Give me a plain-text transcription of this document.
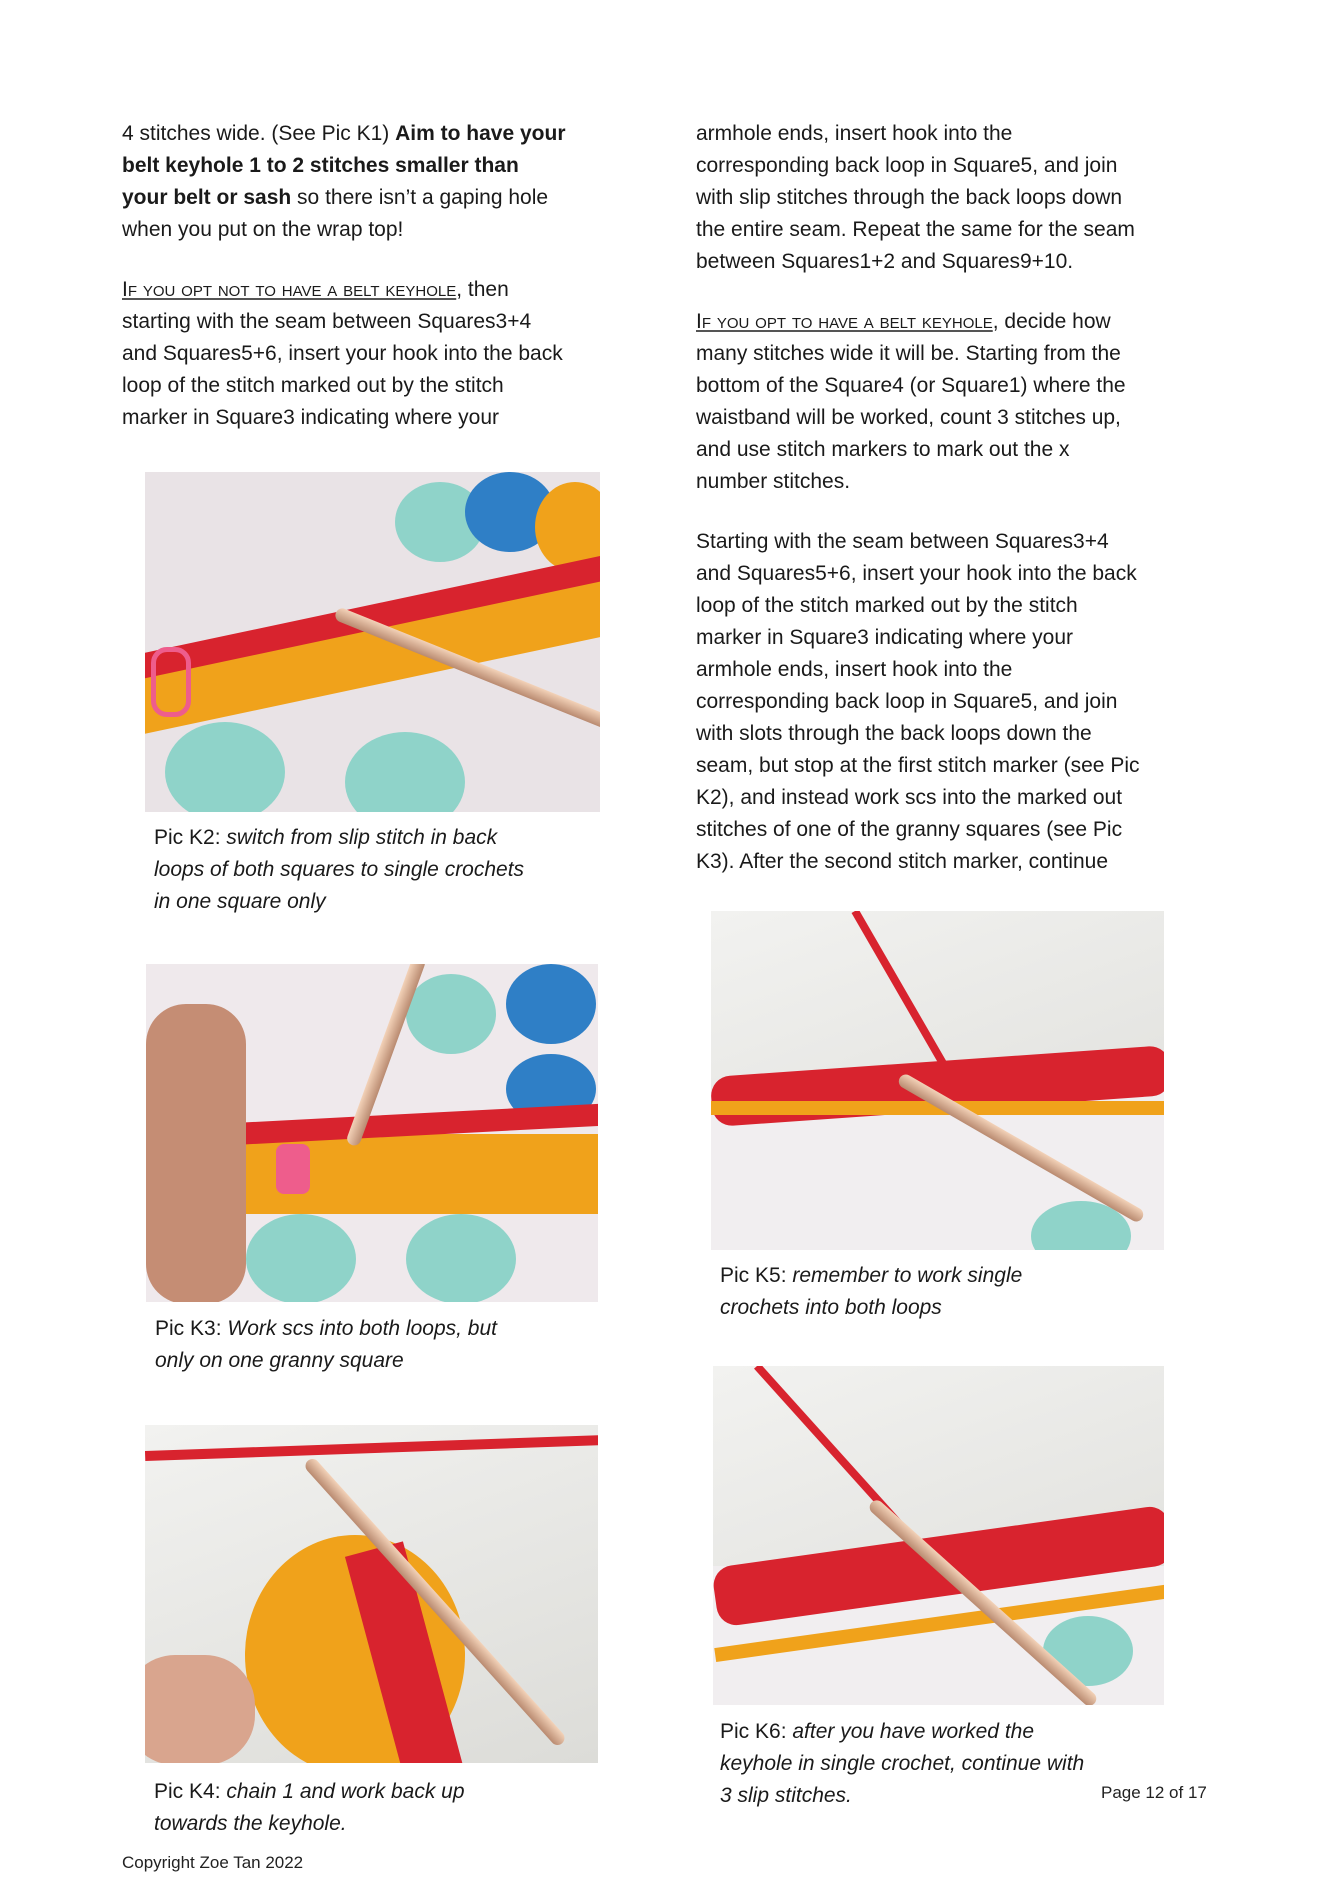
4 stitches wide. (See Pic K1) Aim to have your
belt keyhole 1 to 2 stitches smaller than
your belt or sash so there isn’t a gaping hole
when you put on the wrap top!
If you opt not to have a belt keyhole, then
starting with the seam between Squares3+4
and Squares5+6, insert your hook into the back
loop of the stitch marked out by the stitch
marker in Square3 indicating where your
armhole ends, insert hook into the
corresponding back loop in Square5, and join
with slip stitches through the back loops down
the entire seam. Repeat the same for the seam
between Squares1+2 and Squares9+10.
If you opt to have a belt keyhole, decide how
many stitches wide it will be. Starting from the
bottom of the Square4 (or Square1) where the
waistband will be worked, count 3 stitches up,
and use stitch markers to mark out the x
number stitches.
Starting with the seam between Squares3+4
and Squares5+6, insert your hook into the back
loop of the stitch marked out by the stitch
marker in Square3 indicating where your
armhole ends, insert hook into the
corresponding back loop in Square5, and join
with slots through the back loops down the
seam, but stop at the first stitch marker (see Pic
K2), and instead work scs into the marked out
stitches of one of the granny squares (see Pic
K3). After the second stitch marker, continue
Pic K2: switch from slip stitch in back
loops of both squares to single crochets
in one square only
Pic K3: Work scs into both loops, but
only on one granny square
Pic K4: chain 1 and work back up
towards the keyhole.
Pic K5: remember to work single
crochets into both loops
Pic K6: after you have worked the
keyhole in single crochet, continue with
3 slip stitches.
Copyright Zoe Tan 2022
Page 12 of 17
